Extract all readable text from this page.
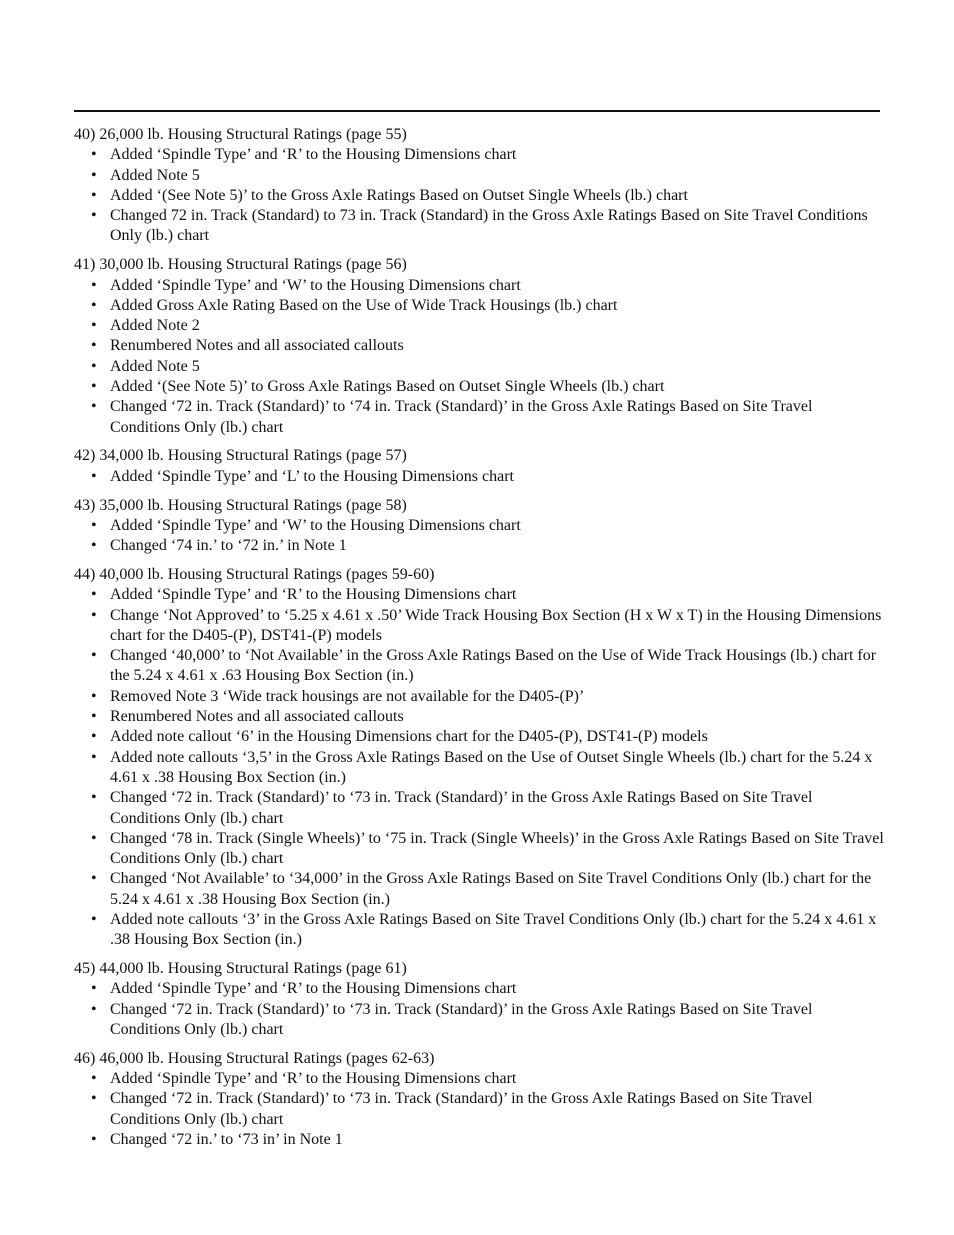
40) 26,000 lb. Housing Structural Ratings (page 55)

• Added ‘Spindle Type’ and ‘R’ to the Housing Dimensions chart
• Added Note 5
• Added ‘(See Note 5)’ to the Gross Axle Ratings Based on Outset Single Wheels (lb.) chart
• Changed 72 in. Track (Standard) to 73 in. Track (Standard) in the Gross Axle Ratings Based on Site Travel Conditions Only (lb.) chart

41) 30,000 lb. Housing Structural Ratings (page 56)

• Added ‘Spindle Type’ and ‘W’ to the Housing Dimensions chart
• Added Gross Axle Rating Based on the Use of Wide Track Housings (lb.) chart
• Added Note 2
• Renumbered Notes and all associated callouts
• Added Note 5
• Added ‘(See Note 5)’ to Gross Axle Ratings Based on Outset Single Wheels (lb.) chart
• Changed ‘72 in. Track (Standard)’ to ‘74 in. Track (Standard)’ in the Gross Axle Ratings Based on Site Travel Conditions Only (lb.) chart

42) 34,000 lb. Housing Structural Ratings (page 57)

• Added ‘Spindle Type’ and ‘L’ to the Housing Dimensions chart

43) 35,000 lb. Housing Structural Ratings (page 58)

• Added ‘Spindle Type’ and ‘W’ to the Housing Dimensions chart
• Changed ‘74 in.’ to ‘72 in.’ in Note 1

44) 40,000 lb. Housing Structural Ratings (pages 59-60)

• Added ‘Spindle Type’ and ‘R’ to the Housing Dimensions chart
• Change ‘Not Approved’ to ‘5.25 x 4.61 x .50’ Wide Track Housing Box Section (H x W x T) in the Housing Dimensions chart for the D405-(P), DST41-(P) models
• Changed ‘40,000’ to ‘Not Available’ in the Gross Axle Ratings Based on the Use of Wide Track Housings (lb.) chart for the 5.24 x 4.61 x .63 Housing Box Section (in.)
• Removed Note 3 ‘Wide track housings are not available for the D405-(P)’
• Renumbered Notes and all associated callouts
• Added note callout ‘6’ in the Housing Dimensions chart for the D405-(P), DST41-(P) models
• Added note callouts ‘3,5’ in the Gross Axle Ratings Based on the Use of Outset Single Wheels (lb.) chart for the 5.24 x 4.61 x .38 Housing Box Section (in.)
• Changed ‘72 in. Track (Standard)’ to ‘73 in. Track (Standard)’ in the Gross Axle Ratings Based on Site Travel Conditions Only (lb.) chart
• Changed ‘78 in. Track (Single Wheels)’ to ‘75 in. Track (Single Wheels)’ in the Gross Axle Ratings Based on Site Travel Conditions Only (lb.) chart
• Changed ‘Not Available’ to ‘34,000’ in the Gross Axle Ratings Based on Site Travel Conditions Only (lb.) chart for the 5.24 x 4.61 x .38 Housing Box Section (in.)
• Added note callouts ‘3’ in the Gross Axle Ratings Based on Site Travel Conditions Only (lb.) chart for the 5.24 x 4.61 x .38 Housing Box Section (in.)

45) 44,000 lb. Housing Structural Ratings (page 61)

• Added ‘Spindle Type’ and ‘R’ to the Housing Dimensions chart
• Changed ‘72 in. Track (Standard)’ to ‘73 in. Track (Standard)’ in the Gross Axle Ratings Based on Site Travel Conditions Only (lb.) chart

46) 46,000 lb. Housing Structural Ratings (pages 62-63)

• Added ‘Spindle Type’ and ‘R’ to the Housing Dimensions chart
• Changed ‘72 in. Track (Standard)’ to ‘73 in. Track (Standard)’ in the Gross Axle Ratings Based on Site Travel Conditions Only (lb.) chart
• Changed ‘72 in.’ to ‘73 in’ in Note 1
